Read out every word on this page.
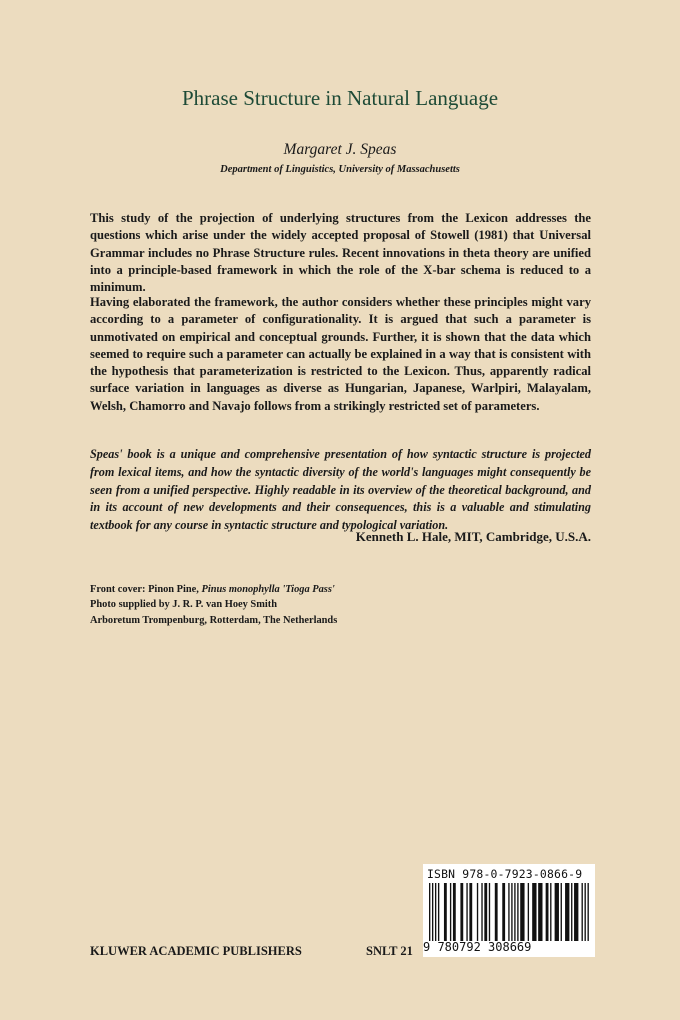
Phrase Structure in Natural Language
Margaret J. Speas
Department of Linguistics, University of Massachusetts

This study of the projection of underlying structures from the Lexicon addresses the questions which arise under the widely accepted proposal of Stowell (1981) that Universal Grammar includes no Phrase Structure rules. Recent innovations in theta theory are unified into a principle-based framework in which the role of the X-bar schema is reduced to a minimum.

Having elaborated the framework, the author considers whether these principles might vary according to a parameter of configurationality. It is argued that such a parameter is unmotivated on empirical and conceptual grounds. Further, it is shown that the data which seemed to require such a parameter can actually be explained in a way that is consistent with the hypothesis that parameterization is restricted to the Lexicon. Thus, apparently radical surface variation in languages as diverse as Hungarian, Japanese, Warlpiri, Malayalam, Welsh, Chamorro and Navajo follows from a strikingly restricted set of parameters.

Speas' book is a unique and comprehensive presentation of how syntactic structure is projected from lexical items, and how the syntactic diversity of the world's languages might consequently be seen from a unified perspective. Highly readable in its overview of the theoretical background, and in its account of new developments and their consequences, this is a valuable and stimulating textbook for any course in syntactic structure and typological variation.

Kenneth L. Hale, MIT, Cambridge, U.S.A.
Front cover: Pinon Pine, Pinus monophylla 'Tioga Pass'
Photo supplied by J. R. P. van Hoey Smith
Arboretum Trompenburg, Rotterdam, The Netherlands
ISBN 978-0-7923-0866-9
9 780792 308669
KLUWER ACADEMIC PUBLISHERS	SNLT 21
